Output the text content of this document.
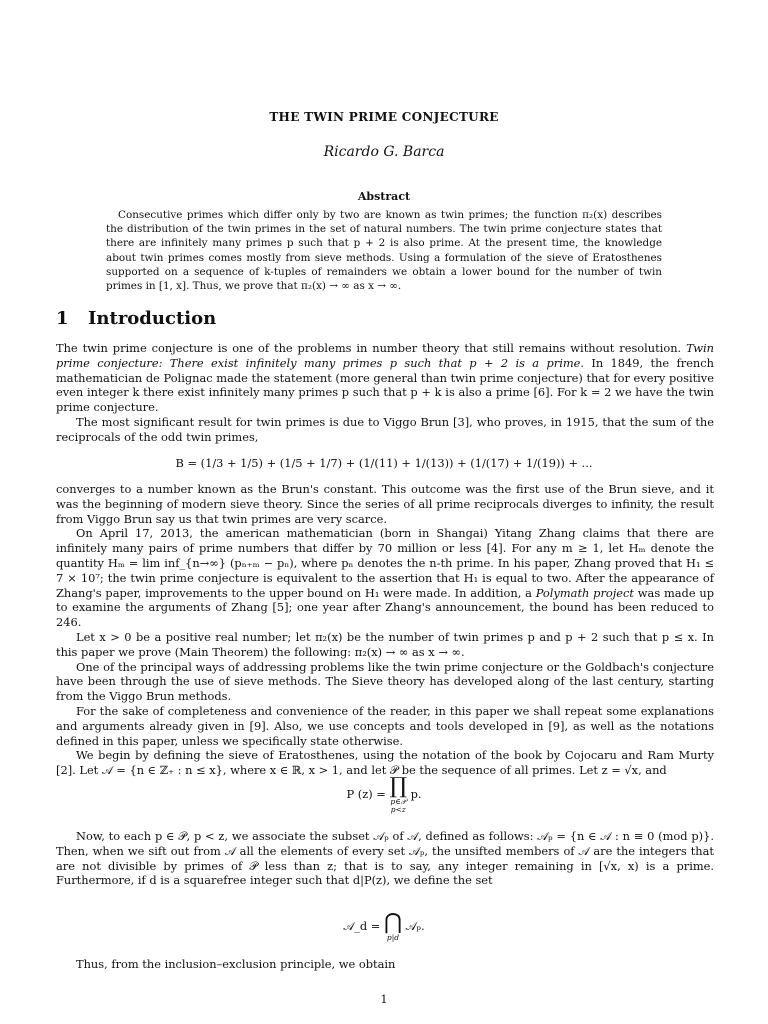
THE TWIN PRIME CONJECTURE
Ricardo G. Barca
Abstract
Consecutive primes which differ only by two are known as twin primes; the function π₂(x) describes the distribution of the twin primes in the set of natural numbers. The twin prime conjecture states that there are infinitely many primes p such that p + 2 is also prime. At the present time, the knowledge about twin primes comes mostly from sieve methods. Using a formulation of the sieve of Eratosthenes supported on a sequence of k-tuples of remainders we obtain a lower bound for the number of twin primes in [1, x]. Thus, we prove that π₂(x) → ∞ as x → ∞.
1 Introduction

The twin prime conjecture is one of the problems in number theory that still remains without resolution. Twin prime conjecture: There exist infinitely many primes p such that p + 2 is a prime. In 1849, the french mathematician de Polignac made the statement (more general than twin prime conjecture) that for every positive even integer k there exist infinitely many primes p such that p + k is also a prime [6]. For k = 2 we have the twin prime conjecture.

The most significant result for twin primes is due to Viggo Brun [3], who proves, in 1915, that the sum of the reciprocals of the odd twin primes,

B = (1/3 + 1/5) + (1/5 + 1/7) + (1/(11) + 1/(13)) + (1/(17) + 1/(19)) + ...

converges to a number known as the Brun's constant. This outcome was the first use of the Brun sieve, and it was the beginning of modern sieve theory. Since the series of all prime reciprocals diverges to infinity, the result from Viggo Brun say us that twin primes are very scarce.

On April 17, 2013, the american mathematician (born in Shangai) Yitang Zhang claims that there are infinitely many pairs of prime numbers that differ by 70 million or less [4]. For any m ≥ 1, let Hₘ denote the quantity Hₘ = lim inf_{n→∞} (pₙ₊ₘ − pₙ), where pₙ denotes the n-th prime. In his paper, Zhang proved that H₁ ≤ 7 × 10⁷; the twin prime conjecture is equivalent to the assertion that H₁ is equal to two. After the appearance of Zhang's paper, improvements to the upper bound on H₁ were made. In addition, a Polymath project was made up to examine the arguments of Zhang [5]; one year after Zhang's announcement, the bound has been reduced to 246.

Let x > 0 be a positive real number; let π₂(x) be the number of twin primes p and p + 2 such that p ≤ x. In this paper we prove (Main Theorem) the following: π₂(x) → ∞ as x → ∞.

One of the principal ways of addressing problems like the twin prime conjecture or the Goldbach's conjecture have been through the use of sieve methods. The Sieve theory has developed along of the last century, starting from the Viggo Brun methods.

For the sake of completeness and convenience of the reader, in this paper we shall repeat some explanations and arguments already given in [9]. Also, we use concepts and tools developed in [9], as well as the notations defined in this paper, unless we specifically state otherwise.

We begin by defining the sieve of Eratosthenes, using the notation of the book by Cojocaru and Ram Murty [2]. Let 𝒜 = {n ∈ ℤ₊ : n ≤ x}, where x ∈ ℝ, x > 1, and let 𝒫 be the sequence of all primes. Let z = √x, and

P (z) = ∏
p∈𝒫
p<z
p.

Now, to each p ∈ 𝒫, p < z, we associate the subset 𝒜ₚ of 𝒜, defined as follows: 𝒜ₚ = {n ∈ 𝒜 : n ≡ 0 (mod p)}. Then, when we sift out from 𝒜 all the elements of every set 𝒜ₚ, the unsifted members of 𝒜 are the integers that are not divisible by primes of 𝒫 less than z; that is to say, any integer remaining in [√x, x) is a prime. Furthermore, if d is a squarefree integer such that d|P(z), we define the set

𝒜_d = ⋂
p|d
𝒜ₚ.

Thus, from the inclusion–exclusion principle, we obtain

1
